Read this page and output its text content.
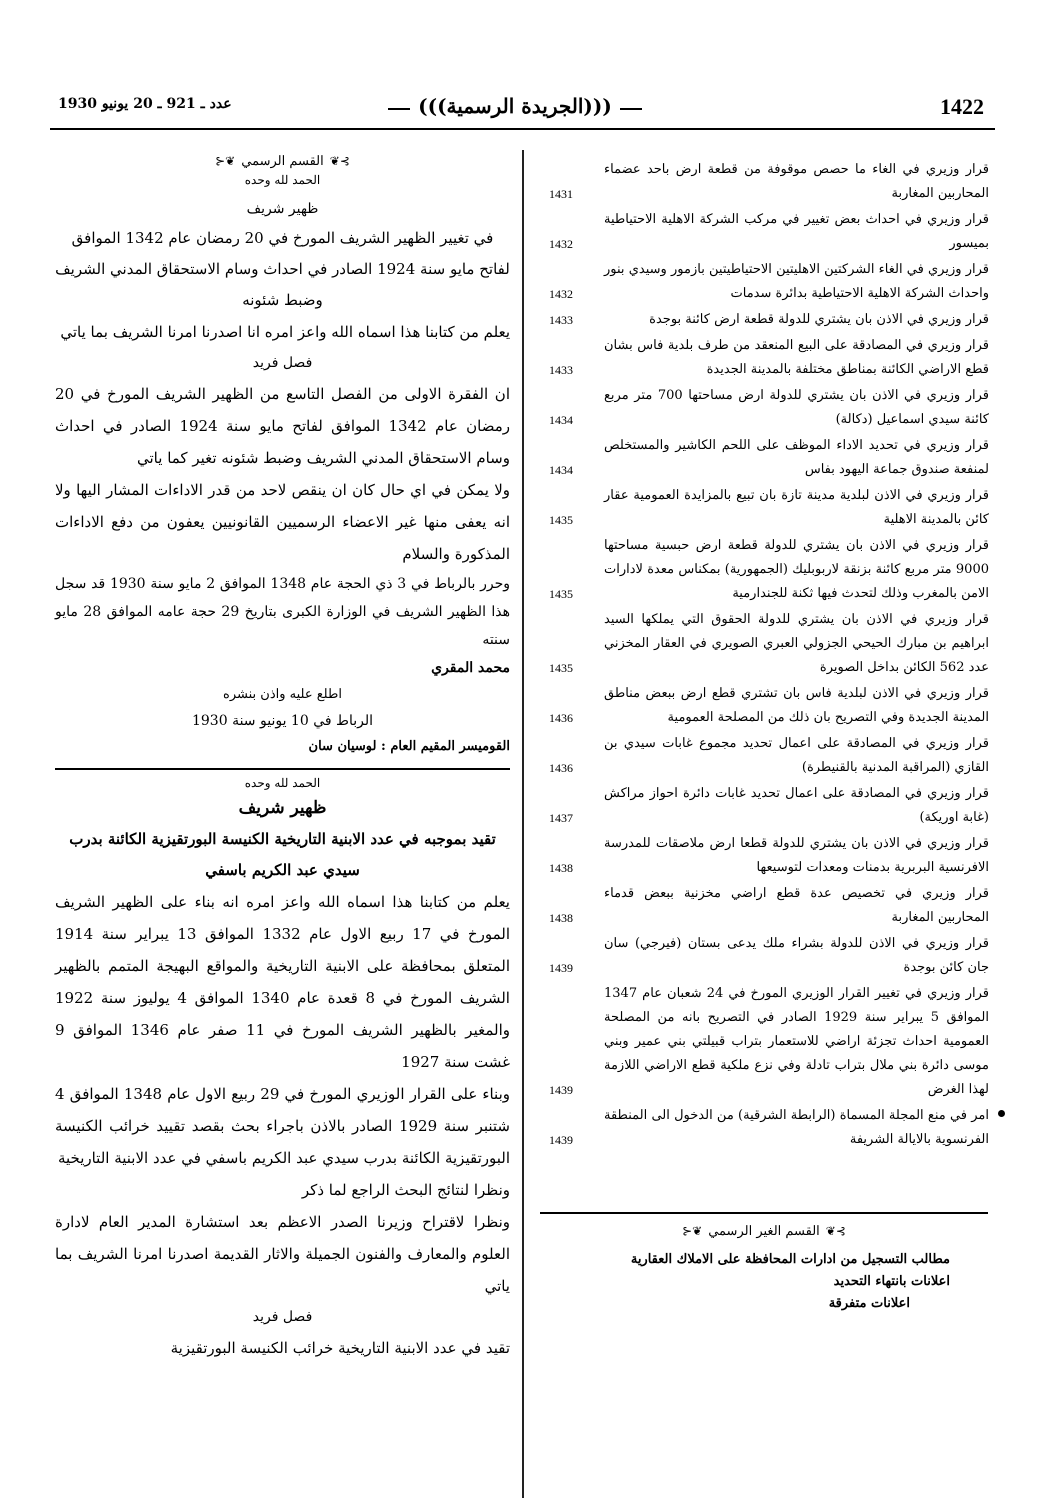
1422
(((الجريدة الرسمية)))
عدد ـ 921 ـ 20 يونيو 1930
قرار وزيري في الغاء ما حصص موقوفة من قطعة ارض باحد عضماء المحاربين المغاربة
1431
قرار وزيري في احداث بعض تغيير في مركب الشركة الاهلية الاحتياطية بميسور
1432
قرار وزيري في الغاء الشركتين الاهليتين الاحتياطيتين بازمور وسيدي بنور واحداث الشركة الاهلية الاحتياطية بدائرة سدمات
1432
قرار وزيري في الاذن بان يشتري للدولة قطعة ارض كائنة بوجدة
1433
قرار وزيري في المصادقة على البيع المنعقد من طرف بلدية فاس بشان قطع الاراضي الكائنة بمناطق مختلفة بالمدينة الجديدة
1433
قرار وزيري في الاذن بان يشتري للدولة ارض مساحتها 700 متر مربع كائنة سيدي اسماعيل (دكالة)
1434
قرار وزيري في تحديد الاداء الموظف على اللحم الكاشير والمستخلص لمنفعة صندوق جماعة اليهود بفاس
1434
قرار وزيري في الاذن لبلدية مدينة تازة بان تبيع بالمزايدة العمومية عقار كائن بالمدينة الاهلية
1435
قرار وزيري في الاذن بان يشتري للدولة قطعة ارض حبسية مساحتها 9000 متر مربع كائنة بزنقة لاربوبليك (الجمهورية) بمكناس معدة لادارات الامن بالمغرب وذلك لتحدث فيها ثكنة للجندارمية
1435
قرار وزيري في الاذن بان يشتري للدولة الحقوق التي يملكها السيد ابراهيم بن مبارك الحيحي الجزولي العبري الصويري في العقار المخزني عدد 562 الكائن بداخل الصويرة
1435
قرار وزيري في الاذن لبلدية فاس بان تشتري قطع ارض ببعض مناطق المدينة الجديدة وفي التصريح بان ذلك من المصلحة العمومية
1436
قرار وزيري في المصادقة على اعمال تحديد مجموع غابات سيدي بن القازي (المراقبة المدنية بالقنيطرة)
1436
قرار وزيري في المصادقة على اعمال تحديد غابات دائرة احواز مراكش (غابة اوريكة)
1437
قرار وزيري في الاذن بان يشتري للدولة قطعا ارض ملاصقات للمدرسة الافرنسية البربرية بدمنات ومعدات لتوسيعها
1438
قرار وزيري في تخصيص عدة قطع اراضي مخزنية ببعض قدماء المحاربين المغاربة
1438
قرار وزيري في الاذن للدولة بشراء ملك يدعى بستان (فيرجي) سان جان كائن بوجدة
1439
قرار وزيري في تغيير القرار الوزيري المورخ في 24 شعبان عام 1347 الموافق 5 يبراير سنة 1929 الصادر في التصريح بانه من المصلحة العمومية احداث تجزئة اراضي للاستعمار بتراب قبيلتي بني عمير وبني موسى دائرة بني ملال بتراب تادلة وفي نزع ملكية قطع الاراضي اللازمة لهذا الغرض
1439
امر في منع المجلة المسماة (الرابطة الشرقية) من الدخول الى المنطقة الفرنسوية بالايالة الشريفة
1439
⊱❦القسم الغير الرسمي❦⊰
مطالب التسجيل من ادارات المحافظة على الاملاك العقارية
اعلانات بانتهاء التحديد
اعلانات متفرقة
⊱❦القسم الرسمي❦⊰
الحمد لله وحده
ظهير شريف
في تغيير الظهير الشريف المورخ في 20 رمضان عام 1342 الموافق لفاتح مايو سنة 1924 الصادر في احداث وسام الاستحقاق المدني الشريف وضبط شئونه

يعلم من كتابنا هذا اسماه الله واعز امره انا اصدرنا امرنا الشريف بما ياتي

فصل فريد

ان الفقرة الاولى من الفصل التاسع من الظهير الشريف المورخ في 20 رمضان عام 1342 الموافق لفاتح مايو سنة 1924 الصادر في احداث وسام الاستحقاق المدني الشريف وضبط شئونه تغير كما ياتي

ولا يمكن في اي حال كان ان ينقص لاحد من قدر الاداءات المشار اليها ولا انه يعفى منها غير الاعضاء الرسميين القانونيين يعفون من دفع الاداءات المذكورة والسلام

وحرر بالرباط في 3 ذي الحجة عام 1348 الموافق 2 مايو سنة 1930 قد سجل هذا الظهير الشريف في الوزارة الكبرى بتاريخ 29 حجة عامه الموافق 28 مايو سنته

محمد المقري
اطلع عليه واذن بنشره
الرباط في 10 يونيو سنة 1930
القوميسر المقيم العام : لوسيان سان
الحمد لله وحده
ظهير شريف
تقيد بموجبه في عدد الابنية التاريخية الكنيسة البورتقيزية الكائنة بدرب سيدي عبد الكريم باسفي

يعلم من كتابنا هذا اسماه الله واعز امره انه بناء على الظهير الشريف المورخ في 17 ربيع الاول عام 1332 الموافق 13 يبراير سنة 1914 المتعلق بمحافظة على الابنية التاريخية والمواقع البهيجة المتمم بالظهير الشريف المورخ في 8 قعدة عام 1340 الموافق 4 يوليوز سنة 1922 والمغير بالظهير الشريف المورخ في 11 صفر عام 1346 الموافق 9 غشت سنة 1927

وبناء على القرار الوزيري المورخ في 29 ربيع الاول عام 1348 الموافق 4 شتنبر سنة 1929 الصادر بالاذن باجراء بحث بقصد تقييد خرائب الكنيسة البورتقيزية الكائنة بدرب سيدي عبد الكريم باسفي في عدد الابنية التاريخية

ونظرا لنتائج البحث الراجع لما ذكر

ونظرا لاقتراح وزيرنا الصدر الاعظم بعد استشارة المدير العام لادارة العلوم والمعارف والفنون الجميلة والاثار القديمة اصدرنا امرنا الشريف بما ياتي

فصل فريد

تقيد في عدد الابنية التاريخية خرائب الكنيسة البورتقيزية
